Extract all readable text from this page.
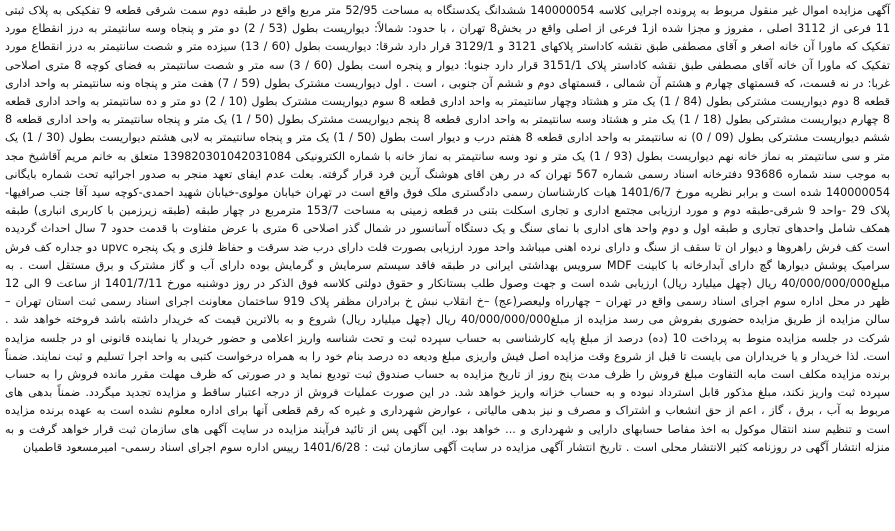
آگهی مزایده اموال غیر منقول مربوط به پرونده اجرایی کلاسه 140000054 ششدانگ یکدستگاه به مساحت 52/95 متر مربع واقع در طبقه دوم سمت شرقی قطعه 9 تفکیکی به پلاک ثبتی 11 فرعی از 3112 اصلی ، مفروز و مجزا شده از1 فرعی از اصلی واقع در بخش8 تهران ، با حدود: شمالاً: دیواریست بطول (53 / 2) دو متر و پنجاه وسه سانتیمتر به درز انقطاع مورد تفکیک که ماورا آن خانه اصغر و آقای مصطفی طبق نقشه کاداستر پلاکهای 3121 و 3129/1 قرار دارد شرقا: دیواریست بطول (60 / 13) سیزده متر و شصت سانتیمتر به درز انقطاع مورد تفکیک که ماورا آن خانه آقای مصطفی طبق نقشه کاداستر پلاک 3151/1 قرار دارد جنوبا: دیوار و پنجره است بطول (60 / 3) سه متر و شصت سانتیمتر به فضای کوچه 8 متری اصلاحی غربا: در نه قسمت، که قسمتهای چهارم و هشتم آن شمالی ، قسمتهای دوم و ششم آن جنوبی ، است . اول دیواریست مشترک بطول (59 / 7) هفت متر و پنجاه ونه سانتیمتر به واحد اداری قطعه 8 دوم دیواریست مشترکی بطول (84 / 1) یک متر و هشتاد وچهار سانتیمتر به واحد اداری قطعه 8 سوم دیواریست مشترک بطول (10 / 2) دو متر و ده سانتیمتر به واحد اداری قطعه 8 چهارم دیواریست مشترکی بطول (18 / 1) یک متر و هشتاد وسه سانتیمتر به واحد اداری قطعه 8 پنجم دیواریست مشترک بطول (50 / 1) یک متر و پنجاه سانتیمتر به واحد اداری قطعه 8 ششم دیواریست مشترکی بطول (09 / 0) نه سانتیمتر به واحد اداری قطعه 8 هفتم درب و دیوار است بطول (50 / 1) یک متر و پنجاه سانتیمتر به لابی هشتم دیواریست بطول (30 / 1) یک متر و سی سانتیمتر به نماز خانه نهم دیواریست بطول (93 / 1) یک متر و نود وسه سانتیمتر به نماز خانه با شماره الکترونیکی 139820301042031084 متعلق به خانم مریم آقاشیخ مجد به موجب سند شماره 93686 دفترخانه اسناد رسمی شماره 567 تهران که در رهن اقای هوشنگ آرین فرد قرار گرفته. بعلت عدم ایفای تعهد منجر به صدور اجرائیه تحت شماره بایگانی 140000054 شده است و برابر نظریه مورخ 1401/6/7 هیات کارشناسان رسمی دادگستری ملک فوق واقع است در تهران خیابان مولوی-خیابان شهید احمدی-کوچه سید آقا جنب صرافیها-پلاک 29 -واحد 9 شرقی-طبقه دوم و مورد ارزیابی مجتمع اداری و تجاری اسکلت بتنی در قطعه زمینی به مساحت 153/7 مترمربع در چهار طبقه (طبقه زیرزمین با کاربری انباری) طبقه همکف شامل واحدهای تجاری و طبقه اول و دوم واحد های اداری با نمای سنگ و یک دستگاه آسانسور در شمال گذر اصلاحی 6 متری با عرض متفاوت با قدمت حدود 7 سال احداث گردیده است کف فرش راهروها و دیوار ان تا سقف از سنگ و دارای نرده اهنی میباشد واحد مورد ارزیابی بصورت فلت دارای درب ضد سرقت و حفاظ فلزی و یک پنجره upvc دو جداره کف فرش سرامیک پوشش دیوارها گچ دارای آبدارخانه با کابینت MDF سرویس بهداشتی ایرانی در طبقه فاقد سیستم سرمایش و گرمایش بوده دارای آب و گاز مشترک و برق مستقل است . به مبلغ40/000/000/000 ریال (چهل میلیارد ریال) ارزیابی شده است و جهت وصول طلب بستانکار و حقوق دولتی کلاسه فوق الذکر در روز دوشنبه مورخ 1401/7/11 از ساعت 9 الی 12 ظهر در محل اداره سوم اجرای اسناد رسمی واقع در تهران – چهارراه ولیعصر(عج) –خ انقلاب نبش خ برادران مظفر پلاک 919 ساختمان معاونت اجرای اسناد رسمی ثبت استان تهران – سالن مزایده از طریق مزایده حضوری بفروش می رسد مزایده از مبلغ40/000/000/000 ریال (چهل میلیارد ریال) شروع و به بالاترین قیمت که خریدار داشته باشد فروخته خواهد شد . شرکت در جلسه مزایده منوط به پرداخت 10 (ده) درصد از مبلغ پایه کارشناسی به حساب سپرده ثبت و تحت شناسه واریز اعلامی و حضور خریدار یا نماینده قانونی او در جلسه مزایده است. لذا خریدار و یا خریداران می بایست تا قبل از شروع وقت مزایده اصل فیش واریزی مبلغ ودیعه ده درصد بنام خود را به همراه درخواست کتبی به واحد اجرا تسلیم و ثبت نمایند. ضمناً برنده مزایده مکلف است مابه التفاوت مبلغ فروش را ظرف مدت پنج روز از تاریخ مزایده به حساب صندوق ثبت تودیع نماید و در صورتی که ظرف مهلت مقرر مانده فروش را به حساب سپرده ثبت واریز نکند، مبلغ مذکور قابل استرداد نبوده و به حساب خزانه واریز خواهد شد. در این صورت عملیات فروش از درجه اعتبار ساقط و مزایده تجدید میگردد. ضمناً بدهی های مربوط به آب ، برق ، گاز ، اعم از حق انشعاب و اشتراک و مصرف و نیز بدهی مالیاتی ، عوارض شهرداری و غیره که رقم قطعی آنها برای اداره معلوم نشده است به عهده برنده مزایده است و تنظیم سند انتقال موکول به اخذ مفاصا حسابهای دارایی و شهرداری و ... خواهد بود. این آگهی پس از تائید فرآیند مزایده در سایت آگهی های سازمان ثبت قرار خواهد گرفت و به منزله انتشار آگهی در روزنامه کثیر الانتشار محلی است . تاریخ انتشار آگهی مزایده در سایت آگهی سازمان ثبت : 1401/6/28 رییس اداره سوم اجرای اسناد رسمی- امیرمسعود قاطمیان
